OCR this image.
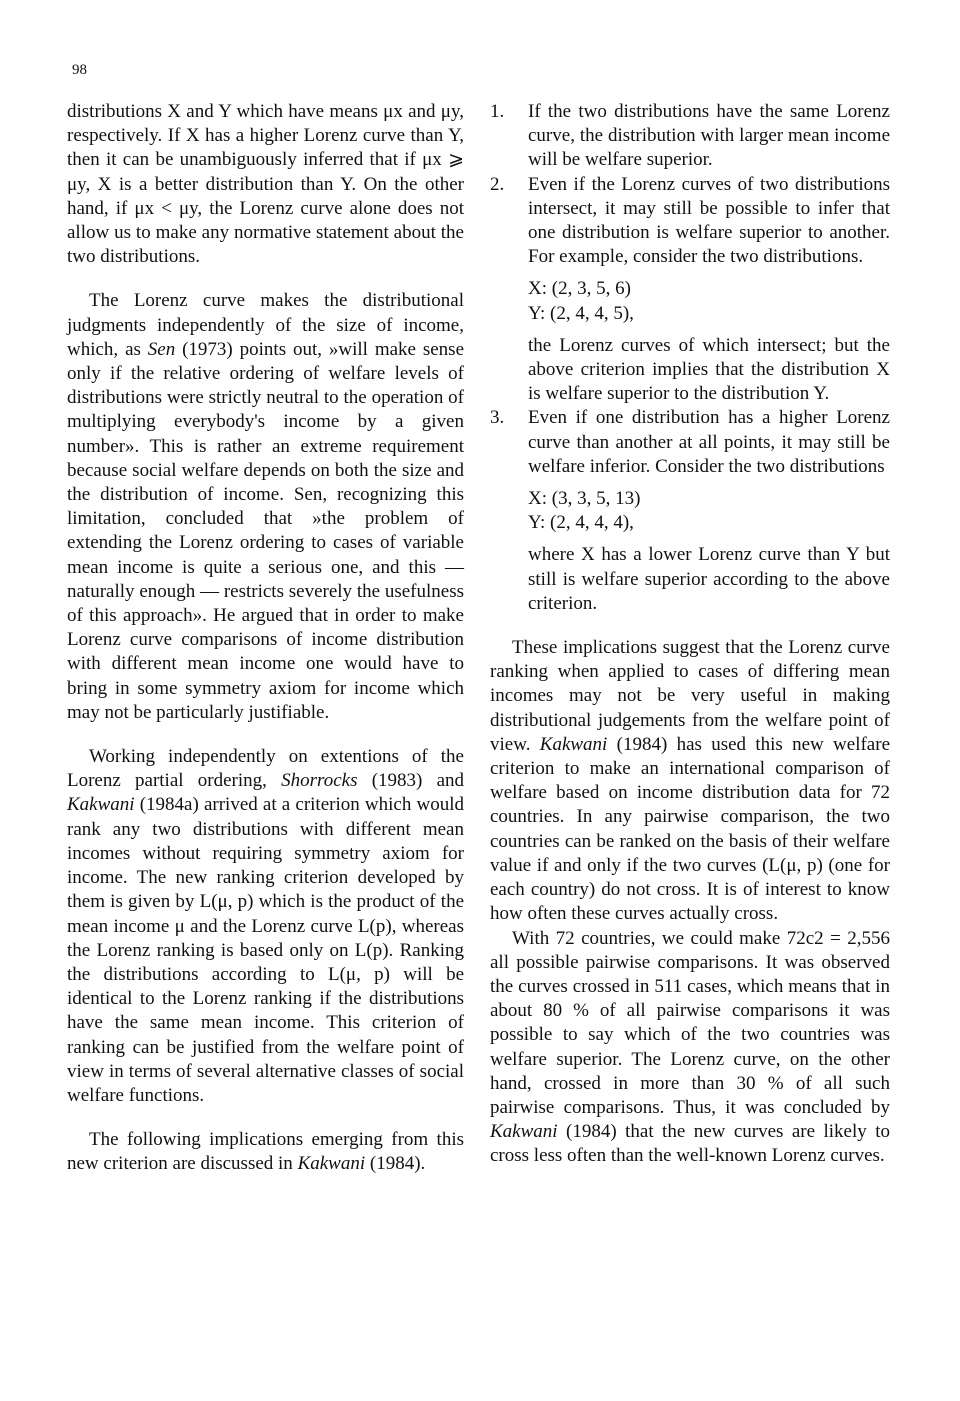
98

distributions X and Y which have means μx and μy, respectively. If X has a higher Lorenz curve than Y, then it can be unambiguously inferred that if μx ⩾ μy, X is a better distribution than Y. On the other hand, if μx < μy, the Lorenz curve alone does not allow us to make any normative statement about the two distributions.

The Lorenz curve makes the distributional judgments independently of the size of income, which, as Sen (1973) points out, »will make sense only if the relative ordering of welfare levels of distributions were strictly neutral to the operation of multiplying everybody's income by a given number». This is rather an extreme requirement because social welfare depends on both the size and the distribution of income. Sen, recognizing this limitation, concluded that »the problem of extending the Lorenz ordering to cases of variable mean income is quite a serious one, and this — naturally enough — restricts severely the usefulness of this approach». He argued that in order to make Lorenz curve comparisons of income distribution with different mean income one would have to bring in some symmetry axiom for income which may not be particularly justifiable.

Working independently on extentions of the Lorenz partial ordering, Shorrocks (1983) and Kakwani (1984a) arrived at a criterion which would rank any two distributions with different mean incomes without requiring symmetry axiom for income. The new ranking criterion developed by them is given by L(μ, p) which is the product of the mean income μ and the Lorenz curve L(p), whereas the Lorenz ranking is based only on L(p). Ranking the distributions according to L(μ, p) will be identical to the Lorenz ranking if the distributions have the same mean income. This criterion of ranking can be justified from the welfare point of view in terms of several alternative classes of social welfare functions.

The following implications emerging from this new criterion are discussed in Kakwani (1984).

1. If the two distributions have the same Lorenz curve, the distribution with larger mean income will be welfare superior.
2. Even if the Lorenz curves of two distributions intersect, it may still be possible to infer that one distribution is welfare superior to another. For example, consider the two distributions.
X: (2, 3, 5, 6)
Y: (2, 4, 4, 5),

the Lorenz curves of which intersect; but the above criterion implies that the distribution X is welfare superior to the distribution Y.

3. Even if one distribution has a higher Lorenz curve than another at all points, it may still be welfare inferior. Consider the two distributions
X: (3, 3, 5, 13)
Y: (2, 4, 4, 4),

where X has a lower Lorenz curve than Y but still is welfare superior according to the above criterion.

These implications suggest that the Lorenz curve ranking when applied to cases of differing mean incomes may not be very useful in making distributional judgements from the welfare point of view. Kakwani (1984) has used this new welfare criterion to make an international comparison of welfare based on income distribution data for 72 countries. In any pairwise comparison, the two countries can be ranked on the basis of their welfare value if and only if the two curves (L(μ, p) (one for each country) do not cross. It is of interest to know how often these curves actually cross.

With 72 countries, we could make 72c2 = 2,556 all possible pairwise comparisons. It was observed the curves crossed in 511 cases, which means that in about 80 % of all pairwise comparisons it was possible to say which of the two countries was welfare superior. The Lorenz curve, on the other hand, crossed in more than 30 % of all such pairwise comparisons. Thus, it was concluded by Kakwani (1984) that the new curves are likely to cross less often than the well-known Lorenz curves.
